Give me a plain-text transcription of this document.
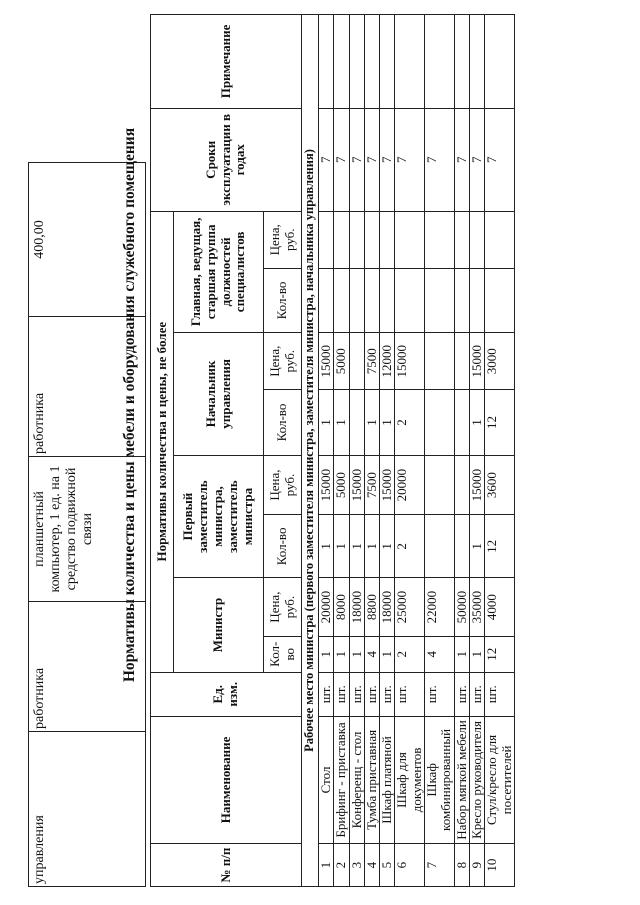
управления	работника	планшетный компьютер, 1 ед. на 1 средство подвижной связи	работника	400,00	Нормативы количества и цены мебели и оборудования служебного помещения
№ п/п	Наименование	Ед. изм.	Нормативы количества и цены, не более								Сроки эксплуатации в годах	Примечание
			Министр		Первый заместитель министра, заместитель министра		Начальник управления		Главная, ведущая, старшая группа должностей специалистов			
			Кол-во	Цена, руб.	Кол-во	Цена, руб.	Кол-во	Цена, руб.	Кол-во	Цена, руб.		
Рабочее место министра (первого заместителя министра, заместителя министра, начальника управления)												
1	Стол	шт.	1	20000	1	15000	1	15000			7	
2	Брифинг - приставка	шт.	1	8000	1	5000	1	5000			7	
3	Конференц - стол	шт.	1	18000	1	15000					7	
4	Тумба приставная	шт.	4	8800	1	7500	1	7500			7	
5	Шкаф платяной	шт.	1	18000	1	15000	1	12000			7	
6	Шкаф для документов	шт.	2	25000	2	20000	2	15000			7	
7	Шкаф комбинированный	шт.	4	22000							7	
8	Набор мягкой мебели	шт.	1	50000							7	
9	Кресло руководителя	шт.	1	35000	1	15000	1	15000			7	
10	Стул/кресло для посетителей	шт.	12	4000	12	3600	12	3000			7	
